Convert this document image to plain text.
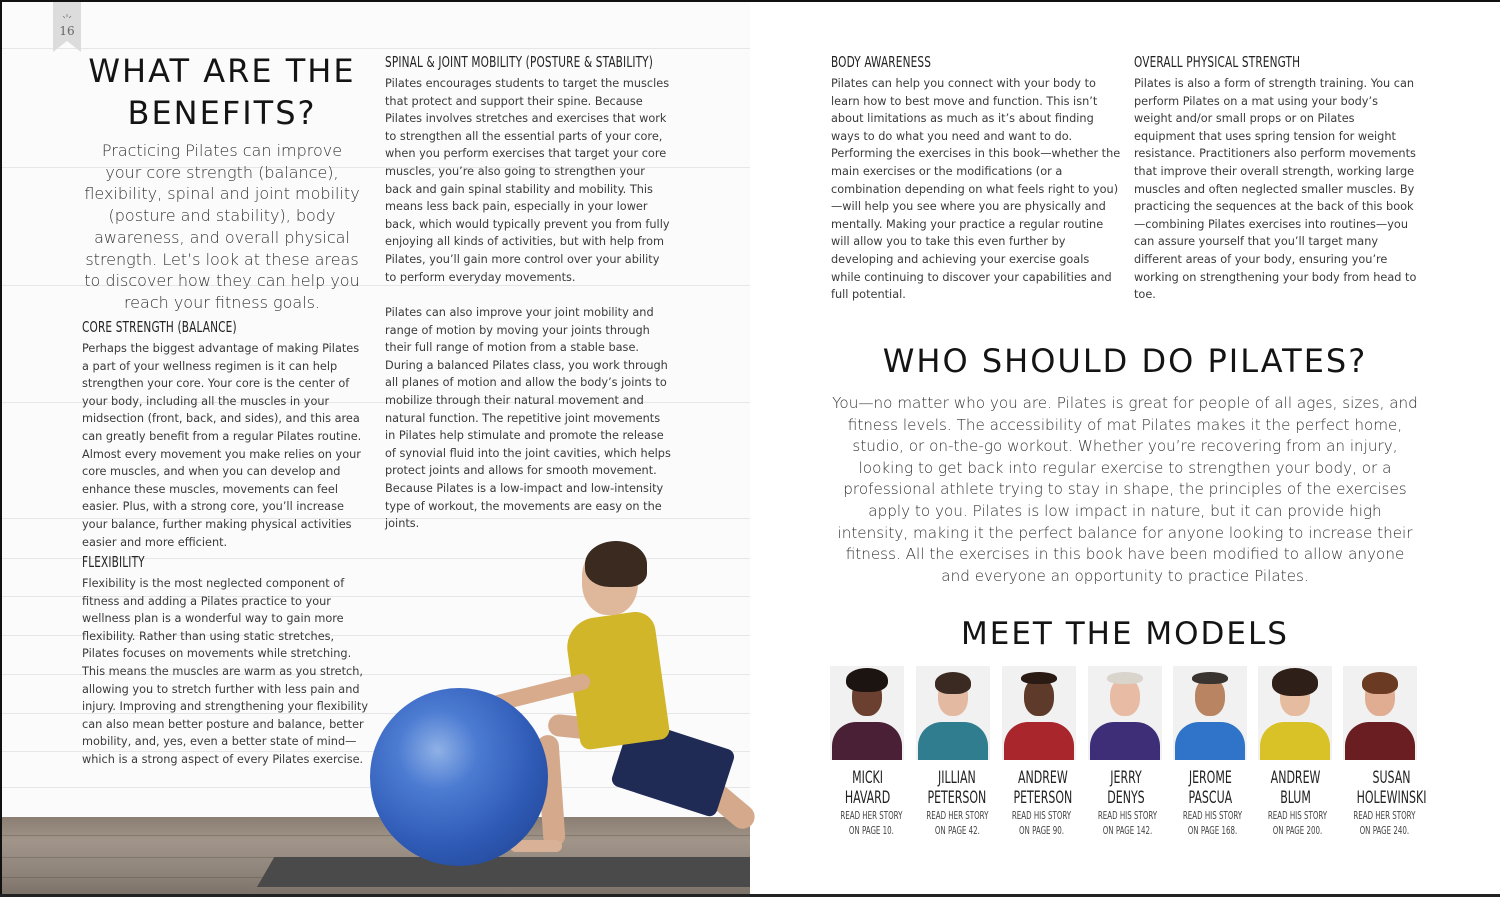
16
WHAT ARE THE
BENEFITS?
Practicing Pilates can improve your core strength (balance), flexibility, spinal and joint mobility (posture and stability), body awareness, and overall physical strength. Let’s look at these areas to discover how they can help you reach your fitness goals.
CORE STRENGTH (BALANCE)
Perhaps the biggest advantage of making Pilates a part of your wellness regimen is it can help strengthen your core. Your core is the center of your body, including all the muscles in your midsection (front, back, and sides), and this area can greatly benefit from a regular Pilates routine. Almost every movement you make relies on your core muscles, and when you can develop and enhance these muscles, movements can feel easier. Plus, with a strong core, you’ll increase your balance, further making physical activities easier and more efficient.
FLEXIBILITY
Flexibility is the most neglected component of fitness and adding a Pilates practice to your wellness plan is a wonderful way to gain more flexibility. Rather than using static stretches, Pilates focuses on movements while stretching. This means the muscles are warm as you stretch, allowing you to stretch further with less pain and injury. Improving and strengthening your flexibility can also mean better posture and balance, better mobility, and, yes, even a better state of mind—which is a strong aspect of every Pilates exercise.
SPINAL & JOINT MOBILITY (POSTURE & STABILITY)
Pilates encourages students to target the muscles that protect and support their spine. Because Pilates involves stretches and exercises that work to strengthen all the essential parts of your core, when you perform exercises that target your core muscles, you’re also going to strengthen your back and gain spinal stability and mobility. This means less back pain, especially in your lower back, which would typically prevent you from fully enjoying all kinds of activities, but with help from Pilates, you’ll gain more control over your ability to perform everyday movements.
Pilates can also improve your joint mobility and range of motion by moving your joints through their full range of motion from a stable base. During a balanced Pilates class, you work through all planes of motion and allow the body’s joints to mobilize through their natural movement and natural function. The repetitive joint movements in Pilates help stimulate and promote the release of synovial fluid into the joint cavities, which helps protect joints and allows for smooth movement. Because Pilates is a low-impact and low-intensity type of workout, the movements are easy on the joints.
BODY AWARENESS
Pilates can help you connect with your body to learn how to best move and function. This isn’t about limitations as much as it’s about finding ways to do what you need and want to do. Performing the exercises in this book—whether the main exercises or the modifications (or a combination depending on what feels right to you)—will help you see where you are physically and mentally. Making your practice a regular routine will allow you to take this even further by developing and achieving your exercise goals while continuing to discover your capabilities and full potential.
OVERALL PHYSICAL STRENGTH
Pilates is also a form of strength training. You can perform Pilates on a mat using your body’s weight and/or small props or on Pilates equipment that uses spring tension for weight resistance. Practitioners also perform movements that improve their overall strength, working large muscles and often neglected smaller muscles. By practicing the sequences at the back of this book—combining Pilates exercises into routines—you can assure yourself that you’ll target many different areas of your body, ensuring you’re working on strengthening your body from head to toe.
WHO SHOULD DO PILATES?
You—no matter who you are. Pilates is great for people of all ages, sizes, and fitness levels. The accessibility of mat Pilates makes it the perfect home, studio, or on-the-go workout. Whether you’re recovering from an injury, looking to get back into regular exercise to strengthen your body, or a professional athlete trying to stay in shape, the principles of the exercises apply to you. Pilates is low impact in nature, but it can provide high intensity, making it the perfect balance for anyone looking to increase their fitness. All the exercises in this book have been modified to allow anyone and everyone an opportunity to practice Pilates.
MEET THE MODELS
MICKI
HAVARD

READ HER STORY
ON PAGE 10.
JILLIAN
PETERSON

READ HER STORY
ON PAGE 42.
ANDREW
PETERSON

READ HIS STORY
ON PAGE 90.
JERRY
DENYS

READ HIS STORY
ON PAGE 142.
JEROME
PASCUA

READ HIS STORY
ON PAGE 168.
ANDREW
BLUM

READ HIS STORY
ON PAGE 200.
SUSAN
HOLEWINSKI

READ HER STORY
ON PAGE 240.
